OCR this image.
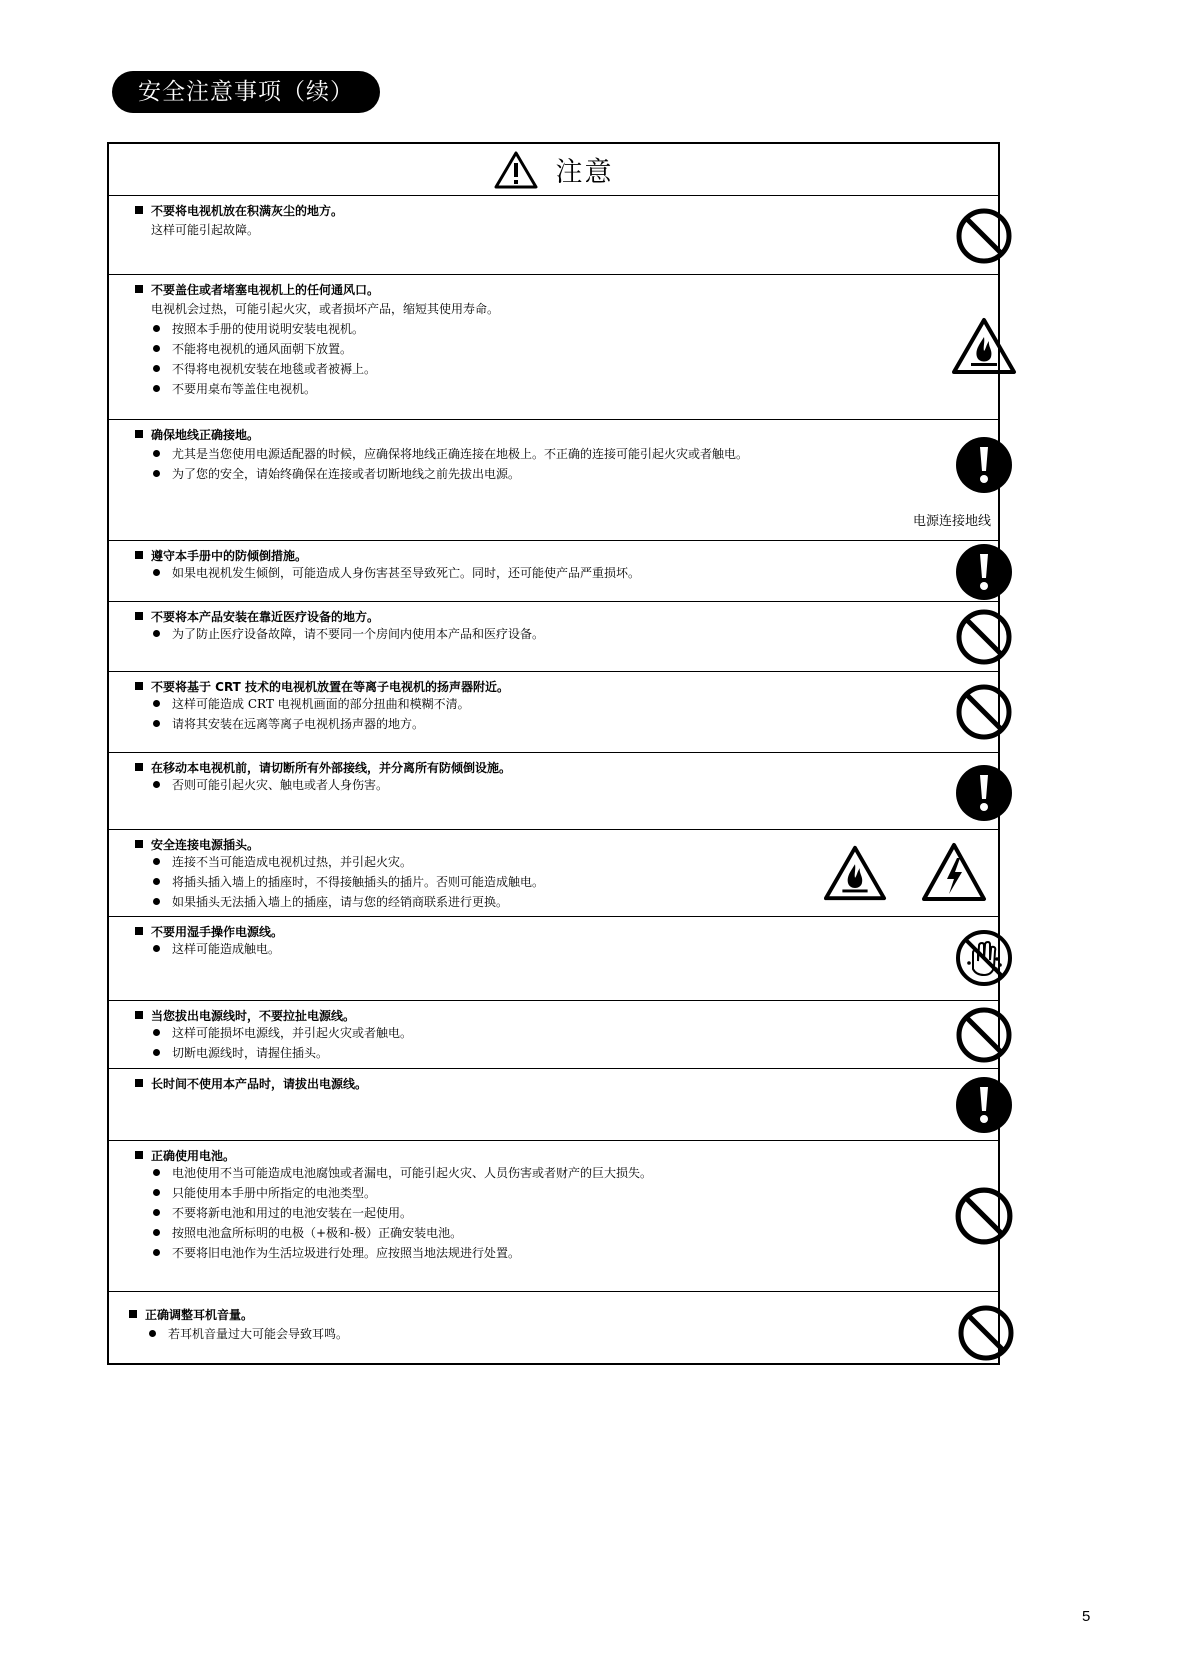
安全注意事项（续）
注意
不要将电视机放在积满灰尘的地方。
这样可能引起故障。
不要盖住或者堵塞电视机上的任何通风口。
电视机会过热，可能引起火灾，或者损坏产品，缩短其使用寿命。
按照本手册的使用说明安装电视机。
不能将电视机的通风面朝下放置。
不得将电视机安装在地毯或者被褥上。
不要用桌布等盖住电视机。
确保地线正确接地。
尤其是当您使用电源适配器的时候，应确保将地线正确连接在地极上。不正确的连接可能引起火灾或者触电。
为了您的安全，请始终确保在连接或者切断地线之前先拔出电源。
电源连接地线
遵守本手册中的防倾倒措施。
如果电视机发生倾倒，可能造成人身伤害甚至导致死亡。同时，还可能使产品严重损坏。
不要将本产品安装在靠近医疗设备的地方。
为了防止医疗设备故障，请不要同一个房间内使用本产品和医疗设备。
不要将基于 CRT 技术的电视机放置在等离子电视机的扬声器附近。
这样可能造成 CRT 电视机画面的部分扭曲和模糊不清。
请将其安装在远离等离子电视机扬声器的地方。
在移动本电视机前，请切断所有外部接线，并分离所有防倾倒设施。
否则可能引起火灾、触电或者人身伤害。
安全连接电源插头。
连接不当可能造成电视机过热，并引起火灾。
将插头插入墙上的插座时，不得接触插头的插片。否则可能造成触电。
如果插头无法插入墙上的插座，请与您的经销商联系进行更换。
不要用湿手操作电源线。
这样可能造成触电。
当您拔出电源线时，不要拉扯电源线。
这样可能损坏电源线，并引起火灾或者触电。
切断电源线时，请握住插头。
长时间不使用本产品时，请拔出电源线。
正确使用电池。
电池使用不当可能造成电池腐蚀或者漏电，可能引起火灾、人员伤害或者财产的巨大损失。
只能使用本手册中所指定的电池类型。
不要将新电池和用过的电池安装在一起使用。
按照电池盒所标明的电极（+极和-极）正确安装电池。
不要将旧电池作为生活垃圾进行处理。应按照当地法规进行处置。
正确调整耳机音量。
若耳机音量过大可能会导致耳鸣。
5
